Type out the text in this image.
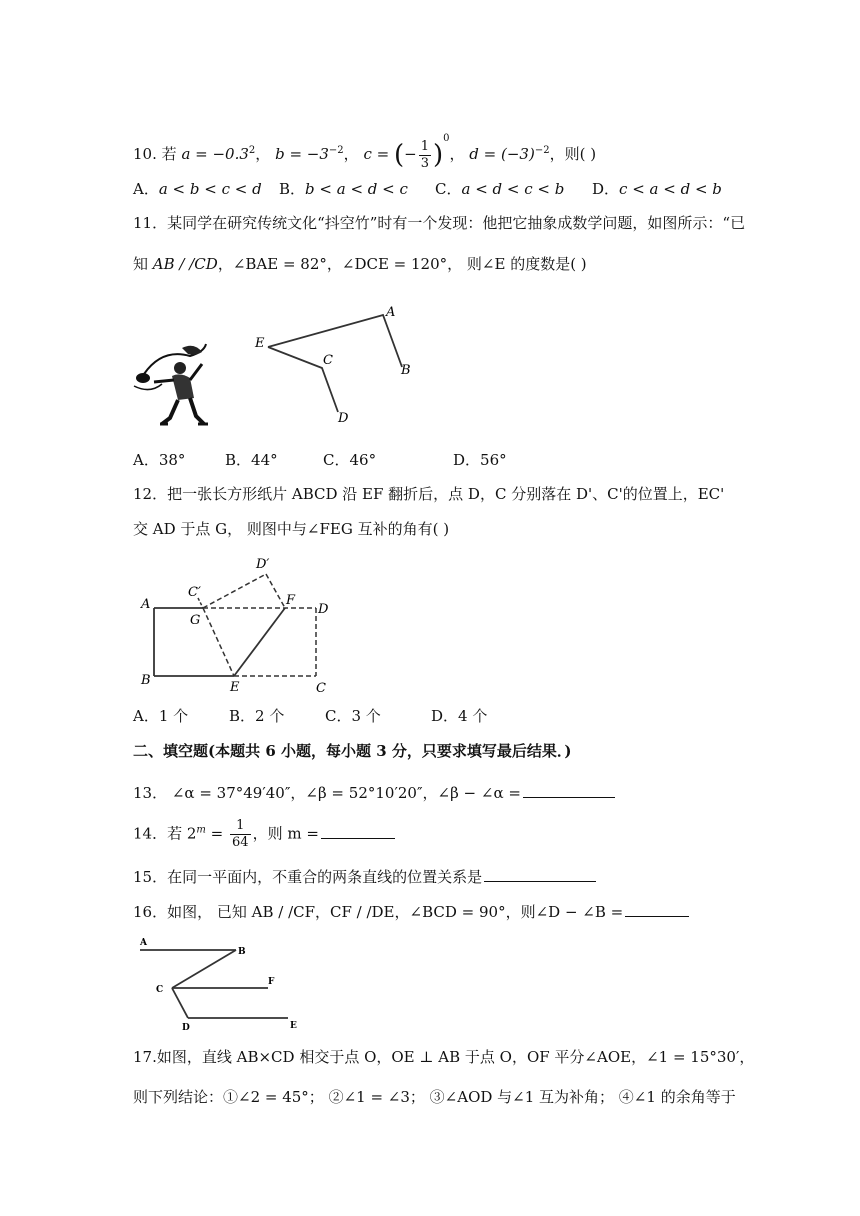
10. 若 $a = -0.3^2$， $b = -3^{-2}$， c = (− $\frac{1}{3} )^0$， $d = (-3)^{-2}$，则( )
A．a < b < c < d B．b < a < d < c C．a < d < c < b D．c < a < d < b
11．某同学在研究传统文化“抖空竹”时有一个发现：他把它抽象成数学问题，如图所示：“已
知 AB / /CD，∠BAE = 82°，∠DCE = 120°， 则∠E 的度数是( )
E
A
B
C
D
A．38°	B．44°	C．46°	D．56°
12．把一张长方形纸片 ABCD 沿 EF 翻折后，点 D，C 分别落在 D'、C'的位置上，EC'
交 AD 于点 G， 则图中与∠FEG 互补的角有( )
A
B
C
D
E
F
G
C′
D′
A．1 个	B．2 个	C．3 个	D．4 个
二、填空题(本题共 6 小题，每小题 3 分，只要求填写最后结果．)
13． ∠α = 37°49′40″，∠β = 52°10′20″，∠β − ∠α =
14．若 $2^m = \frac{1}{64}$ ，则 m =
15．在同一平面内，不重合的两条直线的位置关系是
16．如图， 已知 AB / /CF，CF / /DE，∠BCD = 90°，则∠D − ∠B =
A
B
C
F
D	E
17.如图，直线 AB×CD 相交于点 O，OE ⊥ AB 于点 O，OF 平分∠AOE，∠1 = 15°30′，
则下列结论：①∠2 = 45°； ②∠1 = ∠3； ③∠AOD 与∠1 互为补角； ④∠1 的余角等于
